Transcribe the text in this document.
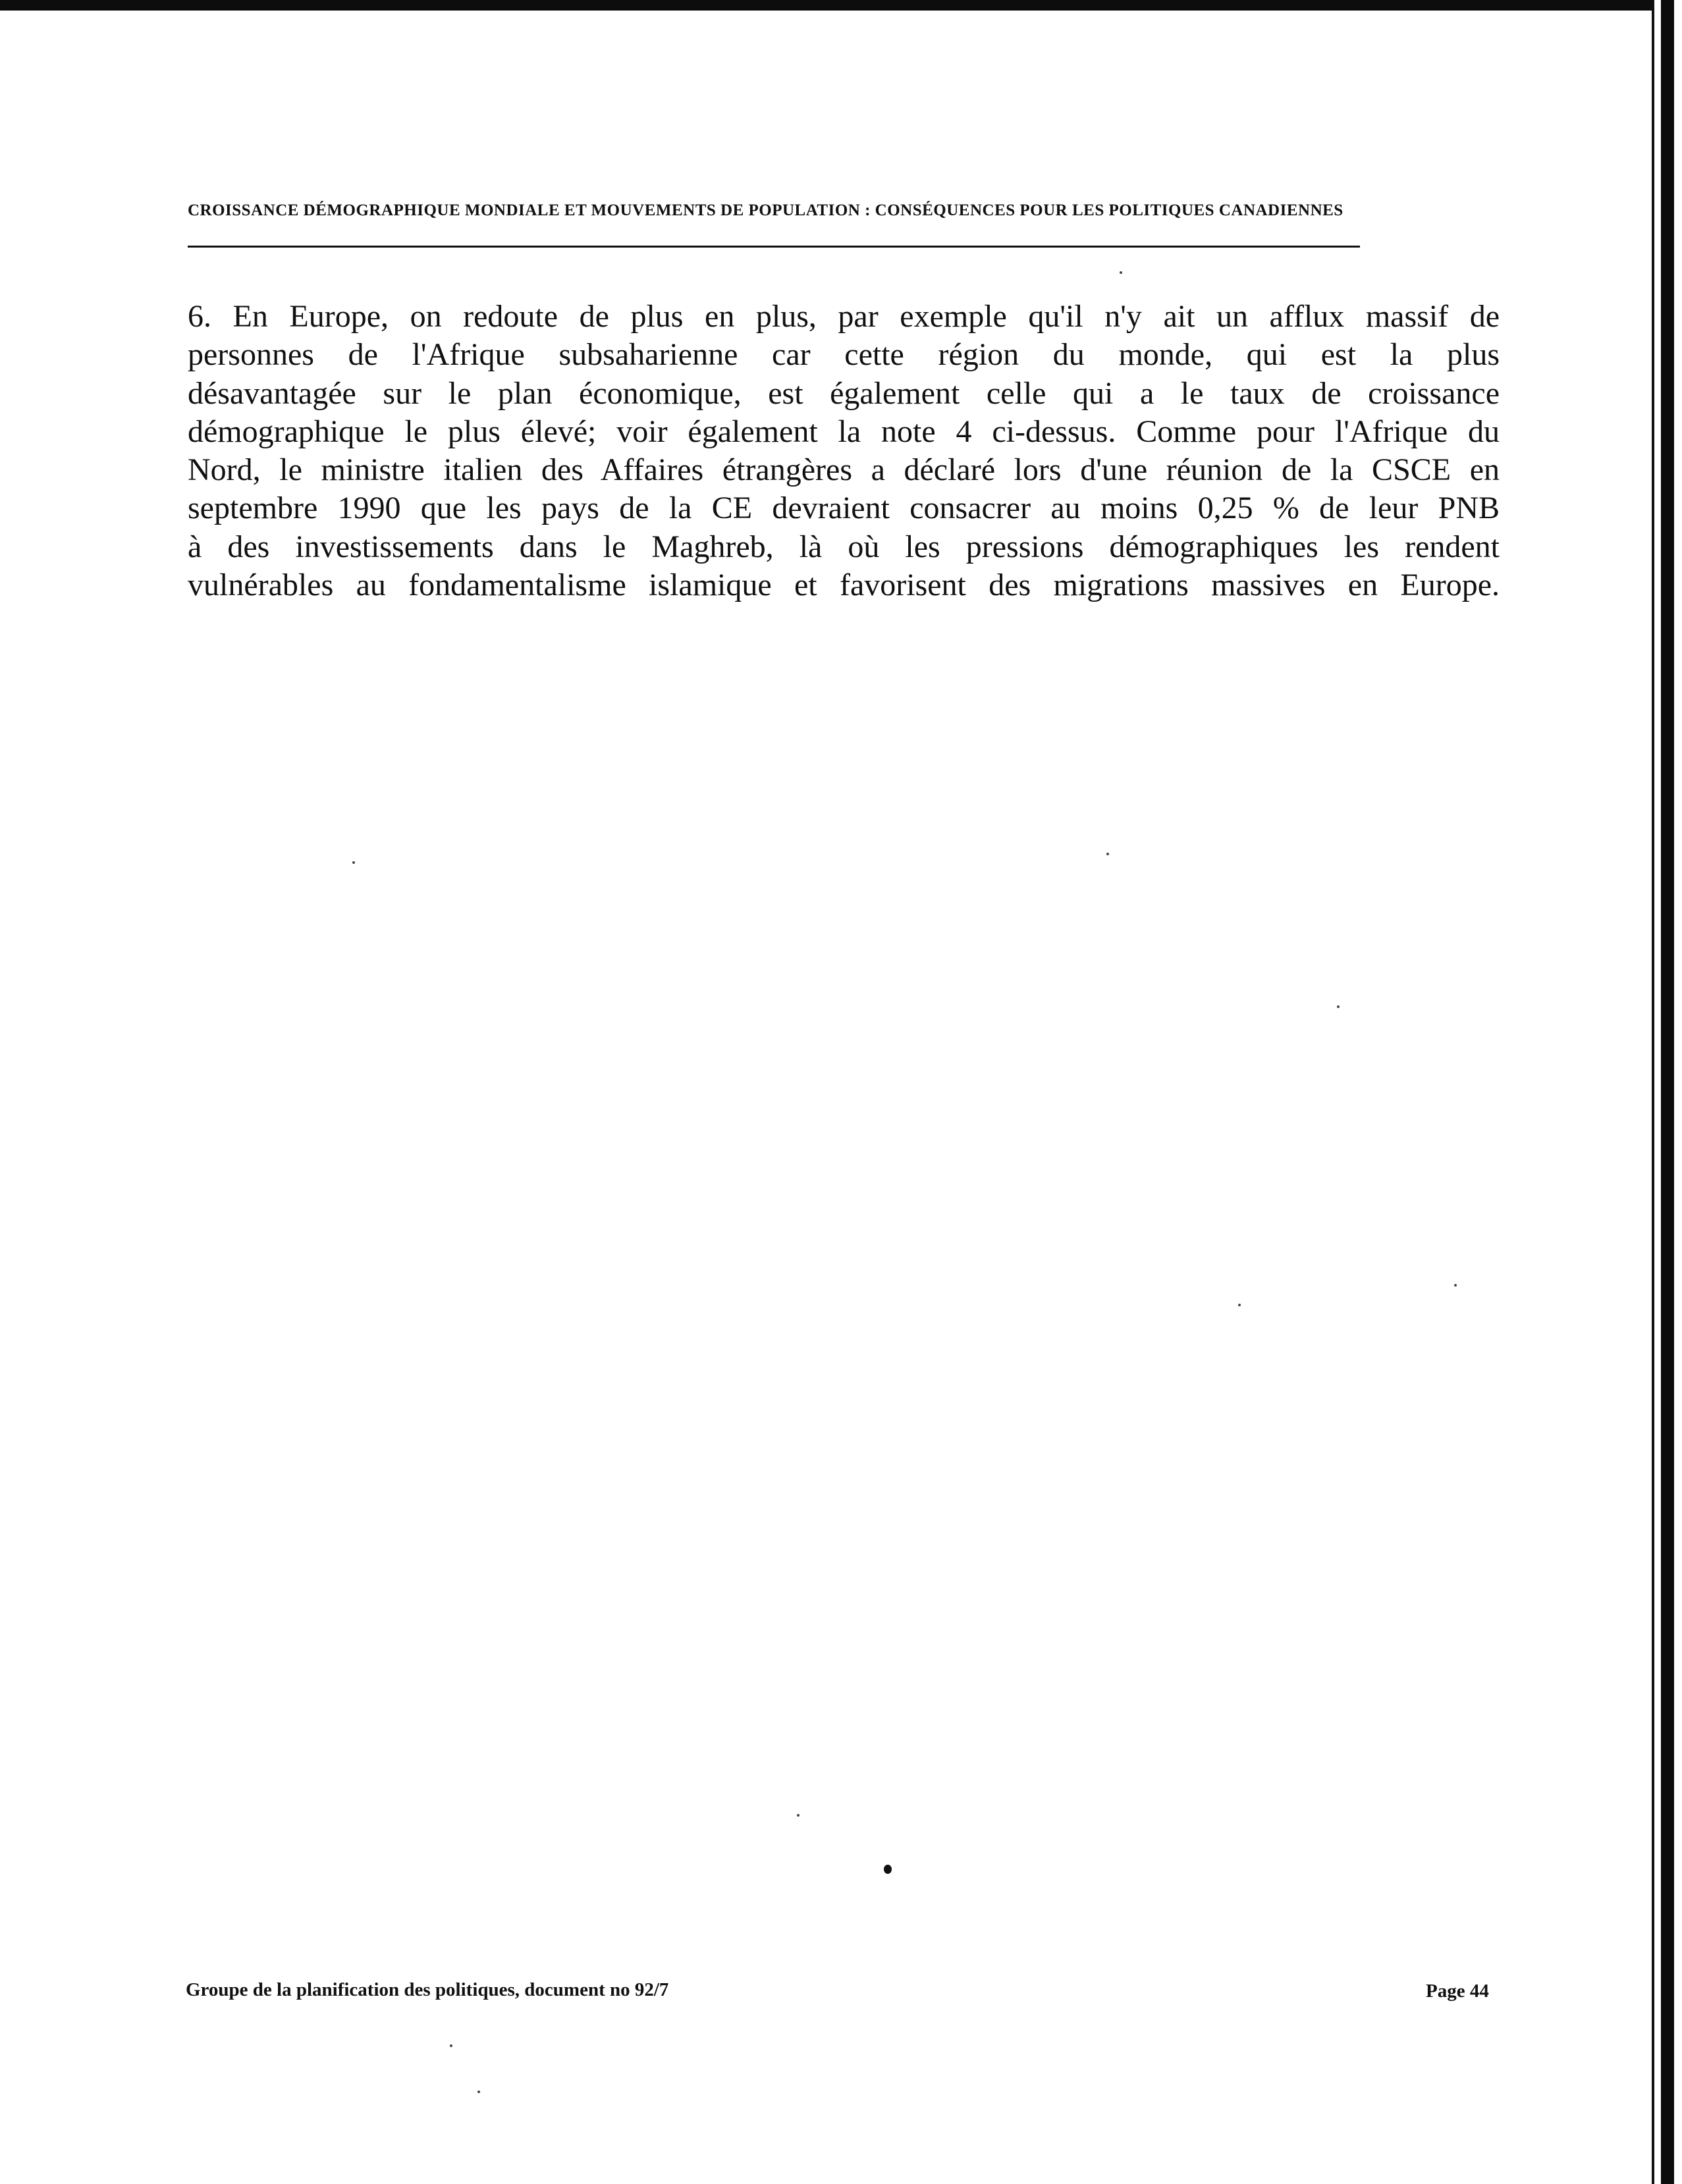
CROISSANCE DÉMOGRAPHIQUE MONDIALE ET MOUVEMENTS DE POPULATION : CONSÉQUENCES POUR LES POLITIQUES CANADIENNES
6. En Europe, on redoute de plus en plus, par exemple qu'il n'y ait un afflux massif de
personnes de l'Afrique subsaharienne car cette région du monde, qui est la plus
désavantagée sur le plan économique, est également celle qui a le taux de croissance
démographique le plus élevé; voir également la note 4 ci-dessus. Comme pour l'Afrique du
Nord, le ministre italien des Affaires étrangères a déclaré lors d'une réunion de la CSCE en
septembre 1990 que les pays de la CE devraient consacrer au moins 0,25 % de leur PNB
à des investissements dans le Maghreb, là où les pressions démographiques les rendent
vulnérables au fondamentalisme islamique et favorisent des migrations massives en Europe.
Groupe de la planification des politiques, document no 92/7	Page 44
